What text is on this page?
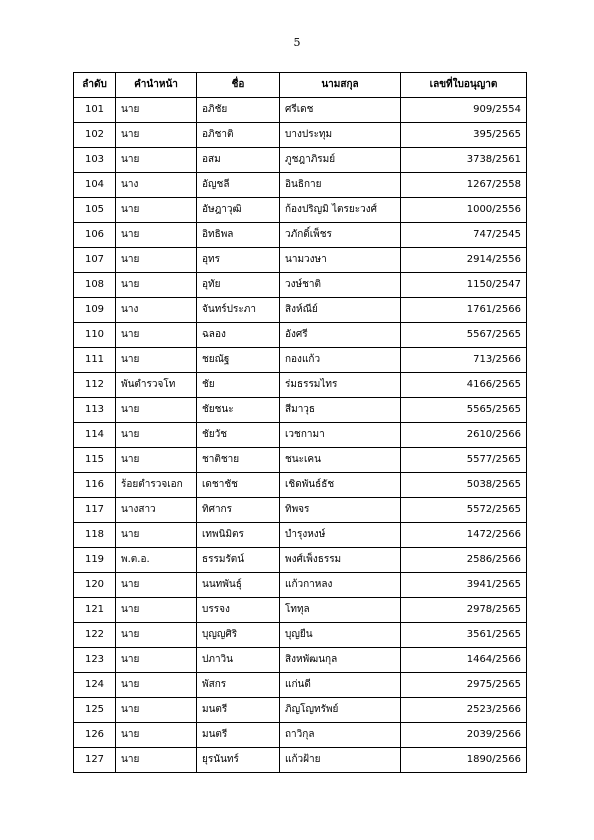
5
ลำดับ	คำนำหน้า	ชื่อ	นามสกุล	เลขที่ใบอนุญาต
101	นาย	อภิชัย	ศรีเดช	909/2554
102	นาย	อภิชาติ	บางประทุม	395/2565
103	นาย	อสม	ภูชฎาภิรมย์	3738/2561
104	นาง	อัญชลี	อินธิกาย	1267/2558
105	นาย	อัษฎาวุฒิ	ก้องปริญมิ ไตรยะวงศ์	1000/2556
106	นาย	อิทธิพล	วภักดิ์เพ็ชร	747/2545
107	นาย	อุทร	นามวงษา	2914/2556
108	นาย	อุทัย	วงษ์ชาติ	1150/2547
109	นาง	จันทร์ประภา	สิงห์ณีย์	1761/2566
110	นาย	ฉลอง	อังศรี	5567/2565
111	นาย	ชยณัฐ	กองแก้ว	713/2566
112	พันตำรวจโท	ชัย	ร่มธรรมไทร	4166/2565
113	นาย	ชัยชนะ	สีมาวุธ	5565/2565
114	นาย	ชัยวัช	เวชกามา	2610/2566
115	นาย	ชาติชาย	ชนะเคน	5577/2565
116	ร้อยตำรวจเอก	เดชาชัช	เชิดพันธ์ธัช	5038/2565
117	นางสาว	ทิศากร	ทิพจร	5572/2565
118	นาย	เทพนิมิตร	บำรุงหงษ์	1472/2566
119	พ.ต.อ.	ธรรมรัตน์	พงศ์เพ็งธรรม	2586/2566
120	นาย	นนทพันธุ์	แก้วกาหลง	3941/2565
121	นาย	บรรจง	โททุล	2978/2565
122	นาย	บุญญศิริ	บุญยืน	3561/2565
123	นาย	ปภาวิน	สิงหพัฒนกุล	1464/2566
124	นาย	พัสกร	แก่นดี	2975/2565
125	นาย	มนตรี	ภิญโญทรัพย์	2523/2566
126	นาย	มนตรี	ถาวิกุล	2039/2566
127	นาย	ยุรนันทร์	แก้วฝ้าย	1890/2566
